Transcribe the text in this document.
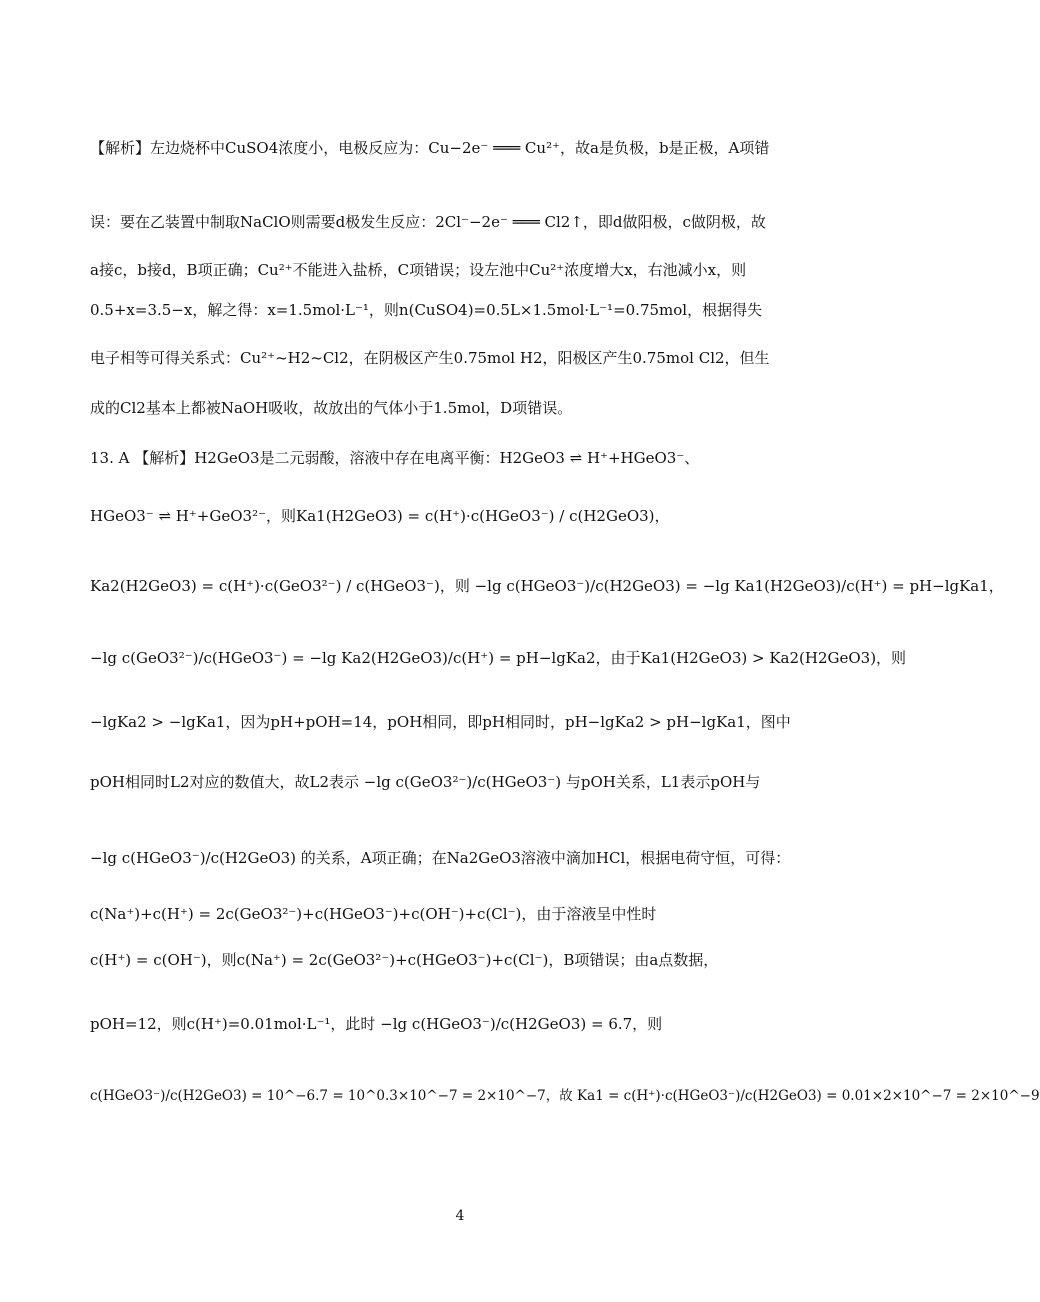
【解析】左边烧杯中CuSO4浓度小，电极反应为：Cu−2e⁻ ═══ Cu²⁺，故a是负极，b是正极，A项错
误：要在乙装置中制取NaClO则需要d极发生反应：2Cl⁻−2e⁻ ═══ Cl2↑，即d做阳极，c做阴极，故
a接c，b接d，B项正确；Cu²⁺不能进入盐桥，C项错误；设左池中Cu²⁺浓度增大x，右池减小x，则
0.5+x=3.5−x，解之得：x=1.5mol·L⁻¹，则n(CuSO4)=0.5L×1.5mol·L⁻¹=0.75mol，根据得失
电子相等可得关系式：Cu²⁺~H2~Cl2，在阴极区产生0.75mol H2，阳极区产生0.75mol Cl2，但生
成的Cl2基本上都被NaOH吸收，故放出的气体小于1.5mol，D项错误。
13. A 【解析】H2GeO3是二元弱酸，溶液中存在电离平衡：H2GeO3 ⇌ H⁺+HGeO3⁻、
HGeO3⁻ ⇌ H⁺+GeO3²⁻，则Ka1(H2GeO3) = c(H⁺)·c(HGeO3⁻) / c(H2GeO3)，
Ka2(H2GeO3) = c(H⁺)·c(GeO3²⁻) / c(HGeO3⁻)，则 −lg c(HGeO3⁻)/c(H2GeO3) = −lg Ka1(H2GeO3)/c(H⁺) = pH−lgKa1，
−lg c(GeO3²⁻)/c(HGeO3⁻) = −lg Ka2(H2GeO3)/c(H⁺) = pH−lgKa2，由于Ka1(H2GeO3) > Ka2(H2GeO3)，则
−lgKa2 > −lgKa1，因为pH+pOH=14，pOH相同，即pH相同时，pH−lgKa2 > pH−lgKa1，图中
pOH相同时L2对应的数值大，故L2表示 −lg c(GeO3²⁻)/c(HGeO3⁻) 与pOH关系，L1表示pOH与
−lg c(HGeO3⁻)/c(H2GeO3) 的关系，A项正确；在Na2GeO3溶液中滴加HCl，根据电荷守恒，可得：
c(Na⁺)+c(H⁺) = 2c(GeO3²⁻)+c(HGeO3⁻)+c(OH⁻)+c(Cl⁻)，由于溶液呈中性时
c(H⁺) = c(OH⁻)，则c(Na⁺) = 2c(GeO3²⁻)+c(HGeO3⁻)+c(Cl⁻)，B项错误；由a点数据，
pOH=12，则c(H⁺)=0.01mol·L⁻¹，此时 −lg c(HGeO3⁻)/c(H2GeO3) = 6.7，则
c(HGeO3⁻)/c(H2GeO3) = 10^−6.7 = 10^0.3×10^−7 = 2×10^−7，故 Ka1 = c(H⁺)·c(HGeO3⁻)/c(H2GeO3) = 0.01×2×10^−7 = 2×10^−9
4
